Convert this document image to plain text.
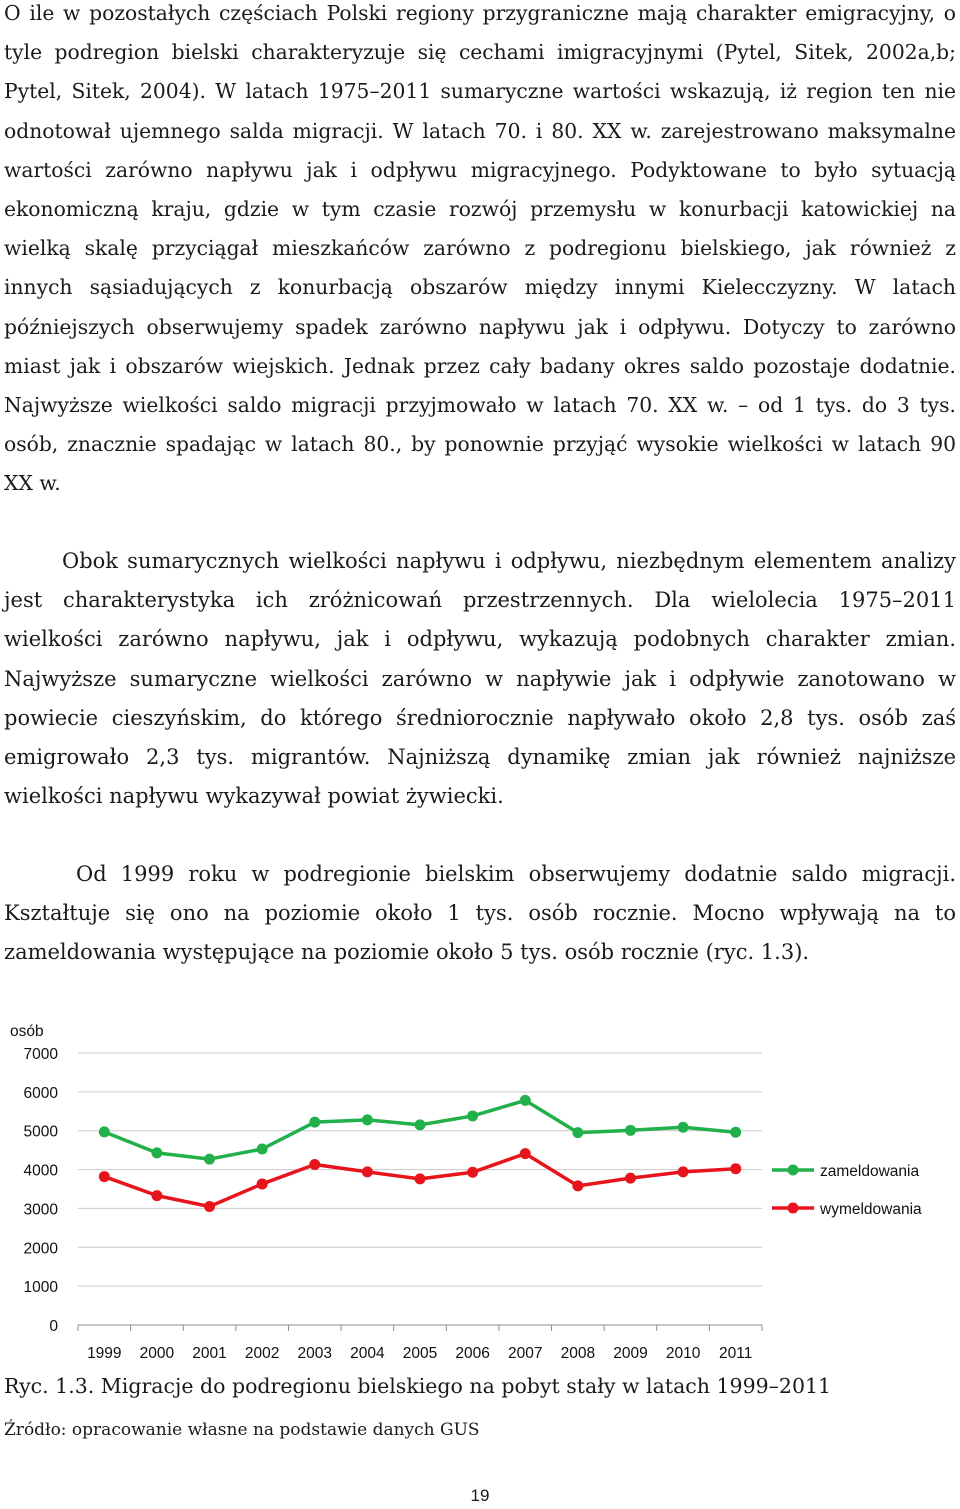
O ile w pozostałych częściach Polski regiony przygraniczne mają charakter emigracyjny, o tyle podregion bielski charakteryzuje się cechami imigracyjnymi (Pytel, Sitek, 2002a,b; Pytel, Sitek, 2004). W latach 1975–2011 sumaryczne wartości wskazują, iż region ten nie odnotował ujemnego salda migracji. W latach 70. i 80. XX w. zarejestrowano maksymalne wartości zarówno napływu jak i odpływu migracyjnego. Podyktowane to było sytuacją ekonomiczną kraju, gdzie w tym czasie rozwój przemysłu w konurbacji katowickiej na wielką skalę przyciągał mieszkańców zarówno z podregionu bielskiego, jak również z innych sąsiadujących z konurbacją obszarów między innymi Kielecczyzny. W latach późniejszych obserwujemy spadek zarówno napływu jak i odpływu. Dotyczy to zarówno miast jak i obszarów wiejskich. Jednak przez cały badany okres saldo pozostaje dodatnie. Najwyższe wielkości saldo migracji przyjmowało w latach 70. XX w. – od 1 tys. do 3 tys. osób, znacznie spadając w latach 80., by ponownie przyjąć wysokie wielkości w latach 90 XX w.

Obok sumarycznych wielkości napływu i odpływu, niezbędnym elementem analizy jest charakterystyka ich zróżnicowań przestrzennych. Dla wielolecia 1975–2011 wielkości zarówno napływu, jak i odpływu, wykazują podobnych charakter zmian. Najwyższe sumaryczne wielkości zarówno w napływie jak i odpływie zanotowano w powiecie cieszyńskim, do którego średniorocznie napływało około 2,8 tys. osób zaś emigrowało 2,3 tys. migrantów. Najniższą dynamikę zmian jak również najniższe wielkości napływu wykazywał powiat żywiecki.

Od 1999 roku w podregionie bielskim obserwujemy dodatnie saldo migracji. Kształtuje się ono na poziomie około 1 tys. osób rocznie. Mocno wpływają na to zameldowania występujące na poziomie około 5 tys. osób rocznie (ryc. 1.3).

0
1000
2000
3000
4000
5000
6000
7000
1999 2000 2001 2002 2003 2004 2005 2006 2007 2008 2009 2010 2011
zameldowania
wymeldowania
osób
Ryc. 1.3. Migracje do podregionu bielskiego na pobyt stały w latach 1999–2011
Źródło: opracowanie własne na podstawie danych GUS
19
